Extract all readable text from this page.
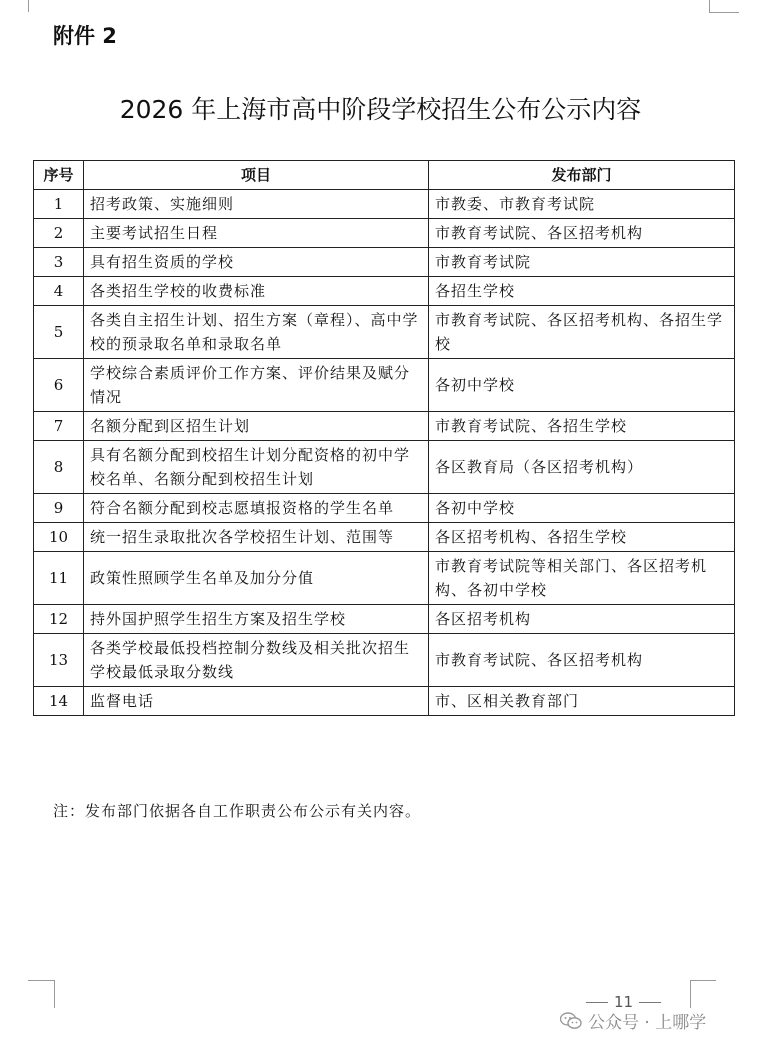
附件 2
2026 年上海市高中阶段学校招生公布公示内容
序号	项目	发布部门
1	招考政策、实施细则	市教委、市教育考试院
2	主要考试招生日程	市教育考试院、各区招考机构
3	具有招生资质的学校	市教育考试院
4	各类招生学校的收费标准	各招生学校
5	各类自主招生计划、招生方案（章程）、高中学校的预录取名单和录取名单	市教育考试院、各区招考机构、各招生学校
6	学校综合素质评价工作方案、评价结果及赋分情况	各初中学校
7	名额分配到区招生计划	市教育考试院、各招生学校
8	具有名额分配到校招生计划分配资格的初中学校名单、名额分配到校招生计划	各区教育局（各区招考机构）
9	符合名额分配到校志愿填报资格的学生名单	各初中学校
10	统一招生录取批次各学校招生计划、范围等	各区招考机构、各招生学校
11	政策性照顾学生名单及加分分值	市教育考试院等相关部门、各区招考机构、各初中学校
12	持外国护照学生招生方案及招生学校	各区招考机构
13	各类学校最低投档控制分数线及相关批次招生学校最低录取分数线	市教育考试院、各区招考机构
14	监督电话	市、区相关教育部门
注：发布部门依据各自工作职责公布公示有关内容。
11
公众号 · 上哪学
